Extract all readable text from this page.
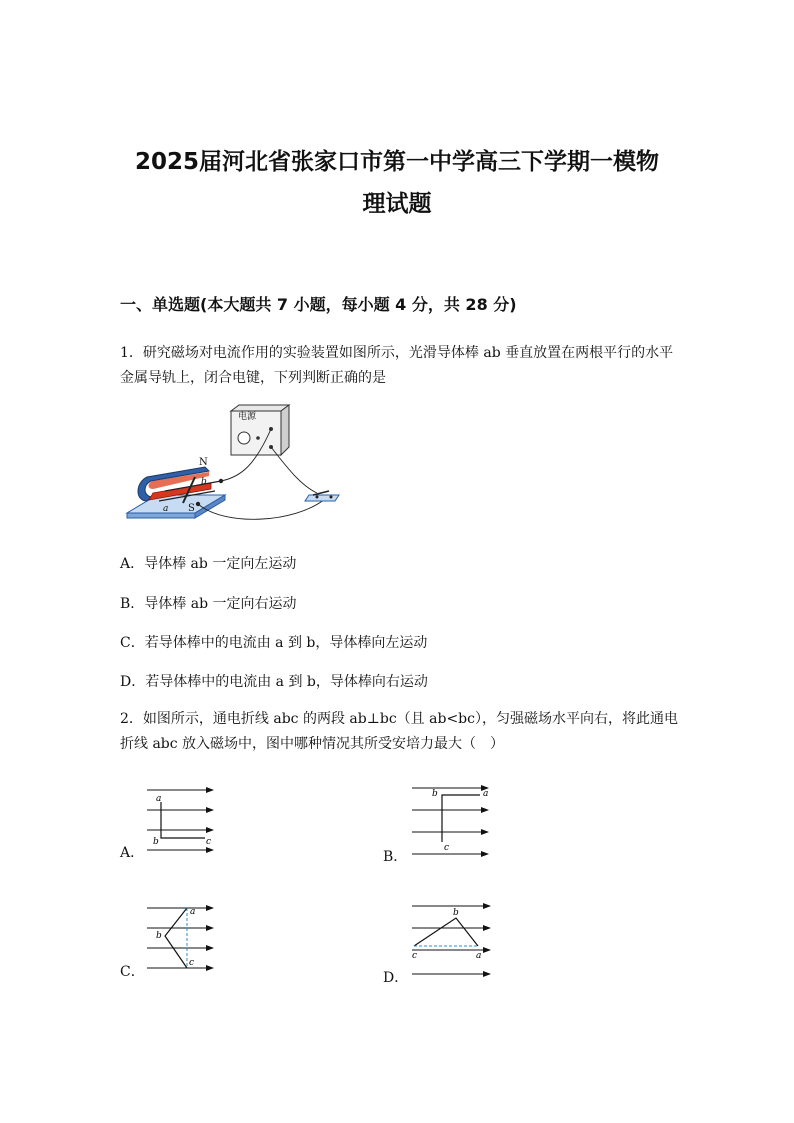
2025届河北省张家口市第一中学高三下学期一模物
理试题
一、单选题(本大题共 7 小题，每小题 4 分，共 28 分)
1．研究磁场对电流作用的实验装置如图所示，光滑导体棒 ab 垂直放置在两根平行的水平金属导轨上，闭合电键，下列判断正确的是
电源
N
S
a
b
A．导体棒 ab 一定向左运动
B．导体棒 ab 一定向右运动
C．若导体棒中的电流由 a 到 b，导体棒向左运动
D．若导体棒中的电流由 a 到 b，导体棒向右运动
2．如图所示，通电折线 abc 的两段 ab⊥bc（且 ab<bc），匀强磁场水平向右，将此通电折线 abc 放入磁场中，图中哪种情况其所受安培力最大（　）
A．
a
b	c
B．
b	a
c
C．
a
b
c
D．
b
c	a
